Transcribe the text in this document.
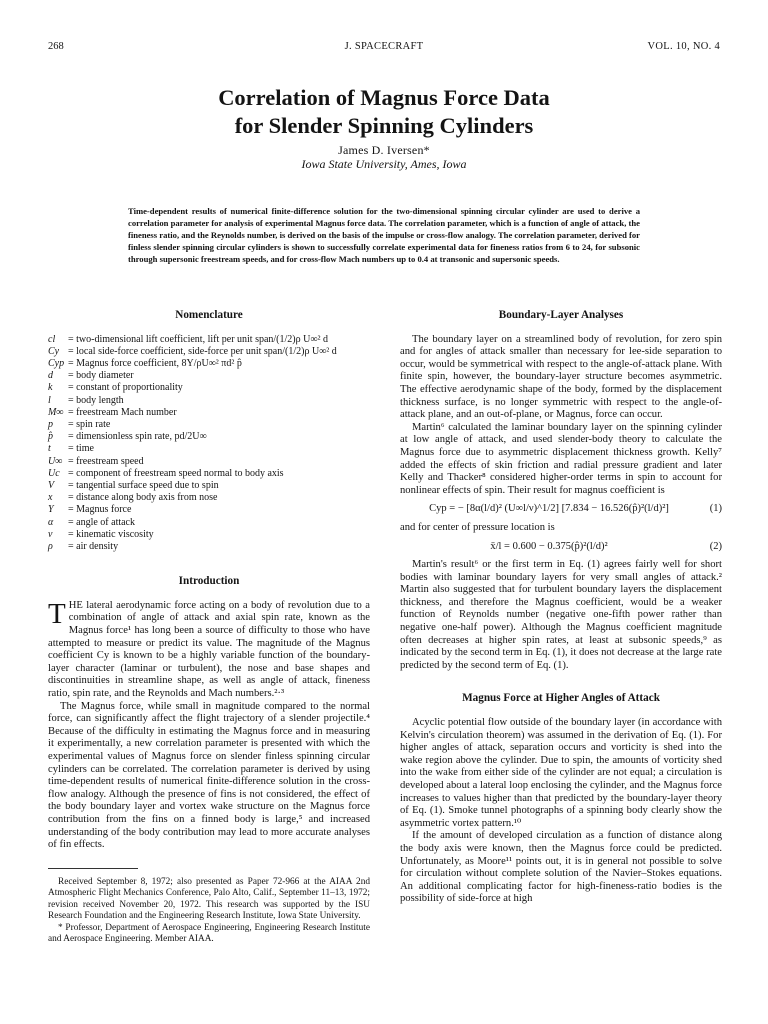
268	J. SPACECRAFT	VOL. 10, NO. 4
Correlation of Magnus Force Data
for Slender Spinning Cylinders
James D. Iversen*
Iowa State University, Ames, Iowa

Time-dependent results of numerical finite-difference solution for the two-dimensional spinning circular cylinder are used to derive a correlation parameter for analysis of experimental Magnus force data. The correlation parameter, which is a function of angle of attack, the fineness ratio, and the Reynolds number, is derived on the basis of the impulse or cross-flow analogy. The correlation parameter, derived for finless slender spinning circular cylinders is shown to successfully correlate experimental data for fineness ratios from 6 to 24, for subsonic through supersonic freestream speeds, and for cross-flow Mach numbers up to 0.4 at transonic and supersonic speeds.

Nomenclature
cl	= two-dimensional lift coefficient, lift per unit span/(1/2)ρ U∞² d
Cy = local side-force coefficient, side-force per unit span/(1/2)ρ U∞² d
Cyp = Magnus force coefficient, 8Y/ρU∞² πd² p̂
d	= body diameter
k	= constant of proportionality
l	= body length
M∞ = freestream Mach number
p	= spin rate
p̂	= dimensionless spin rate, pd/2U∞
t	= time
U∞ = freestream speed
Uc = component of freestream speed normal to body axis
V	= tangential surface speed due to spin
x	= distance along body axis from nose
Y	= Magnus force
α	= angle of attack
ν	= kinematic viscosity
ρ	= air density
Introduction

THE lateral aerodynamic force acting on a body of revolution due to a combination of angle of attack and axial spin rate, known as the Magnus force¹ has long been a source of difficulty to those who have attempted to measure or predict its value. The magnitude of the Magnus coefficient Cy is known to be a highly variable function of the boundary-layer character (laminar or turbulent), the nose and base shapes and discontinuities in streamline shape, as well as angle of attack, fineness ratio, spin rate, and the Reynolds and Mach numbers.²·³

The Magnus force, while small in magnitude compared to the normal force, can significantly affect the flight trajectory of a slender projectile.⁴ Because of the difficulty in estimating the Magnus force and in measuring it experimentally, a new correlation parameter is presented with which the experimental values of Magnus force on slender finless spinning circular cylinders can be correlated. The correlation parameter is derived by using time-dependent results of numerical finite-difference solution in the cross-flow analogy. Although the presence of fins is not considered, the effect of the body boundary layer and vortex wake structure on the Magnus force contribution from the fins on a finned body is large,⁵ and increased understanding of the body contribution may lead to more accurate analyses of fin effects.

Received September 8, 1972; also presented as Paper 72-966 at the AIAA 2nd Atmospheric Flight Mechanics Conference, Palo Alto, Calif., September 11–13, 1972; revision received November 20, 1972. This research was supported by the ISU Research Foundation and the Engineering Research Institute, Iowa State University.

* Professor, Department of Aerospace Engineering, Engineering Research Institute and Aerospace Engineering. Member AIAA.

Boundary-Layer Analyses

The boundary layer on a streamlined body of revolution, for zero spin and for angles of attack smaller than necessary for lee-side separation to occur, would be symmetrical with respect to the angle-of-attack plane. With finite spin, however, the boundary-layer structure becomes asymmetric. The effective aerodynamic shape of the body, formed by the displacement thickness surface, is no longer symmetric with respect to the angle-of-attack plane, and an out-of-plane, or Magnus, force can occur.

Martin⁶ calculated the laminar boundary layer on the spinning cylinder at low angle of attack, and used slender-body theory to calculate the Magnus force due to asymmetric displacement thickness growth. Kelly⁷ added the effects of skin friction and radial pressure gradient and later Kelly and Thacker⁸ considered higher-order terms in spin to account for nonlinear effects of spin. Their result for magnus coefficient is

Cyp = − [8α(l/d)² (U∞l/ν)^1/2] [7.834 − 16.526(p̂)²(l/d)²]	(1)

and for center of pressure location is

x̄/l = 0.600 − 0.375(p̂)²(l/d)²	(2)

Martin's result⁶ or the first term in Eq. (1) agrees fairly well for short bodies with laminar boundary layers for very small angles of attack.² Martin also suggested that for turbulent boundary layers the displacement thickness, and therefore the Magnus coefficient, would be a weaker function of Reynolds number (negative one-fifth power rather than negative one-half power). Although the Magnus coefficient magnitude often decreases at higher spin rates, at least at subsonic speeds,⁹ as indicated by the second term in Eq. (1), it does not decrease at the large rate predicted by the second term of Eq. (1).

Magnus Force at Higher Angles of Attack

Acyclic potential flow outside of the boundary layer (in accordance with Kelvin's circulation theorem) was assumed in the derivation of Eq. (1). For higher angles of attack, separation occurs and vorticity is shed into the wake region above the cylinder. Due to spin, the amounts of vorticity shed into the wake from either side of the cylinder are not equal; a circulation is developed about a lateral loop enclosing the cylinder, and the Magnus force increases to values higher than that predicted by the boundary-layer theory of Eq. (1). Smoke tunnel photographs of a spinning body clearly show the asymmetric vortex pattern.¹⁰

If the amount of developed circulation as a function of distance along the body axis were known, then the Magnus force could be predicted. Unfortunately, as Moore¹¹ points out, it is in general not possible to solve for circulation without complete solution of the Navier–Stokes equations. An additional complicating factor for high-fineness-ratio bodies is the possibility of side-force at high
